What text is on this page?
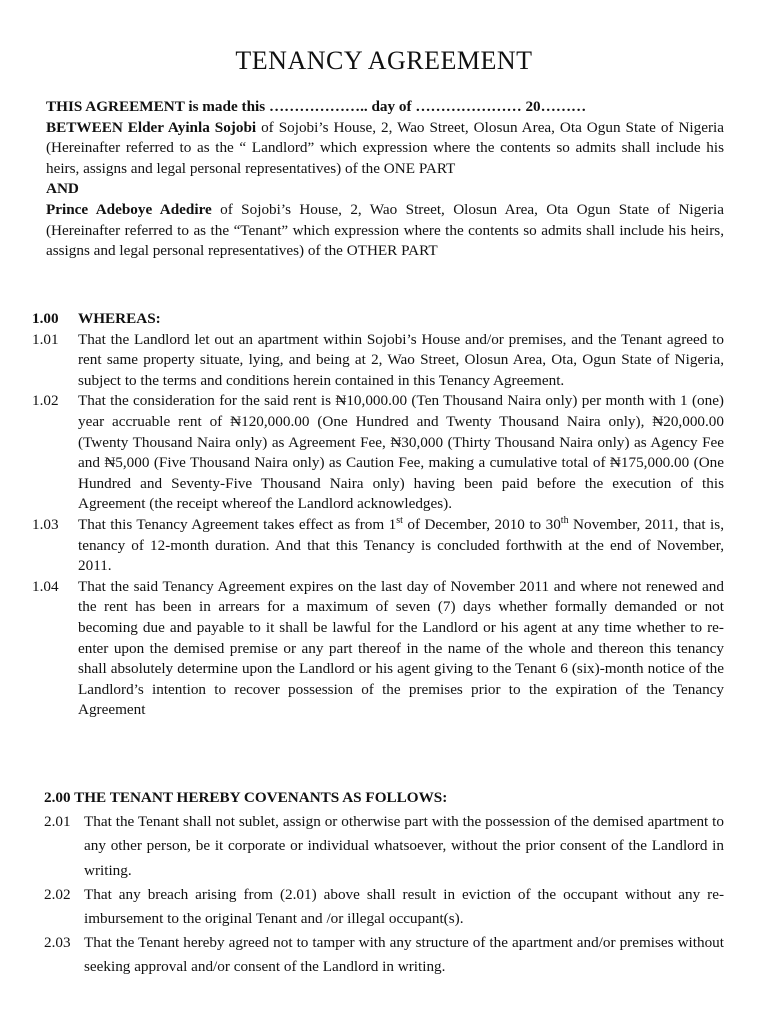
TENANCY AGREEMENT

THIS AGREEMENT is made this ……………….. day of ………………… 20………

BETWEEN Elder Ayinla Sojobi of Sojobi’s House, 2, Wao Street, Olosun Area, Ota Ogun State of Nigeria (Hereinafter referred to as the “ Landlord” which expression where the contents so admits shall include his heirs, assigns and legal personal representatives) of the ONE PART

AND

Prince Adeboye Adedire of Sojobi’s House, 2, Wao Street, Olosun Area, Ota Ogun State of Nigeria (Hereinafter referred to as the “Tenant” which expression where the contents so admits shall include his heirs, assigns and legal personal representatives) of the OTHER PART

1.00 WHEREAS:

1.01	That the Landlord let out an apartment within Sojobi’s House and/or premises, and the Tenant agreed to rent same property situate, lying, and being at 2, Wao Street, Olosun Area, Ota, Ogun State of Nigeria, subject to the terms and conditions herein contained in this Tenancy Agreement.
1.02	That the consideration for the said rent is ₦10,000.00 (Ten Thousand Naira only) per month with 1 (one) year accruable rent of ₦120,000.00 (One Hundred and Twenty Thousand Naira only), ₦20,000.00 (Twenty Thousand Naira only) as Agreement Fee, ₦30,000 (Thirty Thousand Naira only) as Agency Fee and ₦5,000 (Five Thousand Naira only) as Caution Fee, making a cumulative total of ₦175,000.00 (One Hundred and Seventy-Five Thousand Naira only) having been paid before the execution of this Agreement (the receipt whereof the Landlord acknowledges).
1.03	That this Tenancy Agreement takes effect as from 1st of December, 2010 to 30th November, 2011, that is, tenancy of 12-month duration. And that this Tenancy is concluded forthwith at the end of November, 2011.
1.04	That the said Tenancy Agreement expires on the last day of November 2011 and where not renewed and the rent has been in arrears for a maximum of seven (7) days whether formally demanded or not becoming due and payable to it shall be lawful for the Landlord or his agent at any time whether to re-enter upon the demised premise or any part thereof in the name of the whole and thereon this tenancy shall absolutely determine upon the Landlord or his agent giving to the Tenant 6 (six)-month notice of the Landlord’s intention to recover possession of the premises prior to the expiration of the Tenancy Agreement

2.00 THE TENANT HEREBY COVENANTS AS FOLLOWS:

2.01 That the Tenant shall not sublet, assign or otherwise part with the possession of the demised apartment to any other person, be it corporate or individual whatsoever, without the prior consent of the Landlord in writing.
2.02 That any breach arising from (2.01) above shall result in eviction of the occupant without any re-imbursement to the original Tenant and /or illegal occupant(s).
2.03 That the Tenant hereby agreed not to tamper with any structure of the apartment and/or premises without seeking approval and/or consent of the Landlord in writing.
